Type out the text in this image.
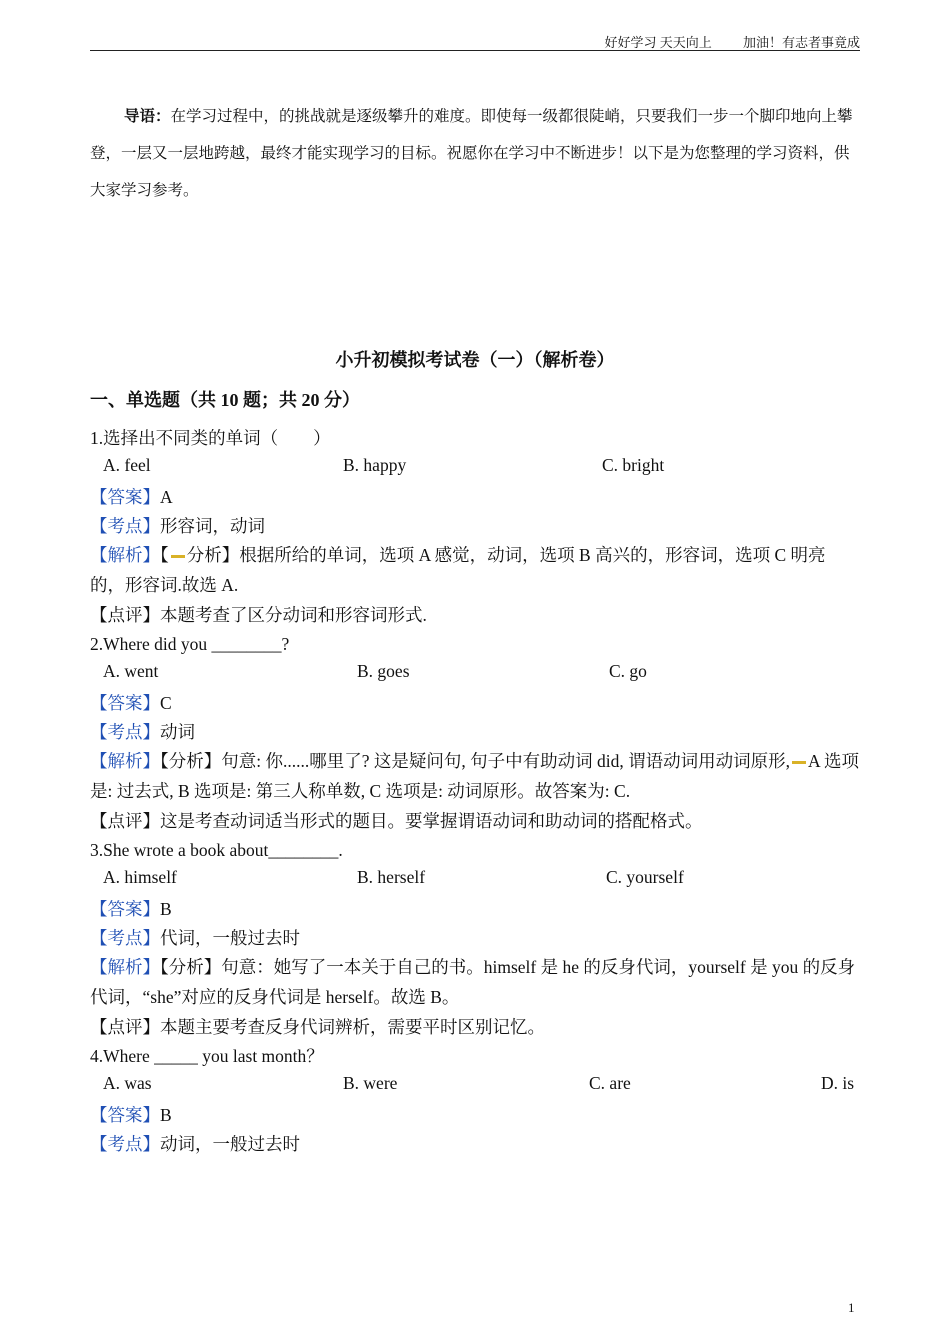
好好学习 天天向上 加油！有志者事竟成
导语：在学习过程中，的挑战就是逐级攀升的难度。即使每一级都很陡峭，只要我们一步一个脚印地向上攀登，一层又一层地跨越，最终才能实现学习的目标。祝愿你在学习中不断进步！以下是为您整理的学习资料，供大家学习参考。
小升初模拟考试卷（一）（解析卷）
一、单选题（共 10 题；共 20 分）
1.选择出不同类的单词（　　）
A. feel	B. happy	C. bright
【答案】A
【考点】形容词，动词
【解析】【 分析】根据所给的单词，选项 A 感觉，动词，选项 B 高兴的，形容词，选项 C 明亮的，形容词.故选 A.
【点评】本题考查了区分动词和形容词形式.
2.Where did you ________?
A. went	B. goes	C. go
【答案】C
【考点】动词
【解析】【分析】句意: 你......哪里了? 这是疑问句, 句子中有助动词 did, 谓语动词用动词原形, A 选项是: 过去式, B 选项是: 第三人称单数, C 选项是: 动词原形。故答案为: C.
【点评】这是考查动词适当形式的题目。要掌握谓语动词和助动词的搭配格式。
3.She wrote a book about________.
A. himself	B. herself	C. yourself
【答案】B
【考点】代词，一般过去时
【解析】【分析】句意：她写了一本关于自己的书。himself 是 he 的反身代词，yourself 是 you 的反身代词，“she”对应的反身代词是 herself。故选 B。
【点评】本题主要考查反身代词辨析，需要平时区别记忆。
4.Where _____ you last month？
A. was	B. were	C. are	D. is
【答案】B
【考点】动词，一般过去时
1
